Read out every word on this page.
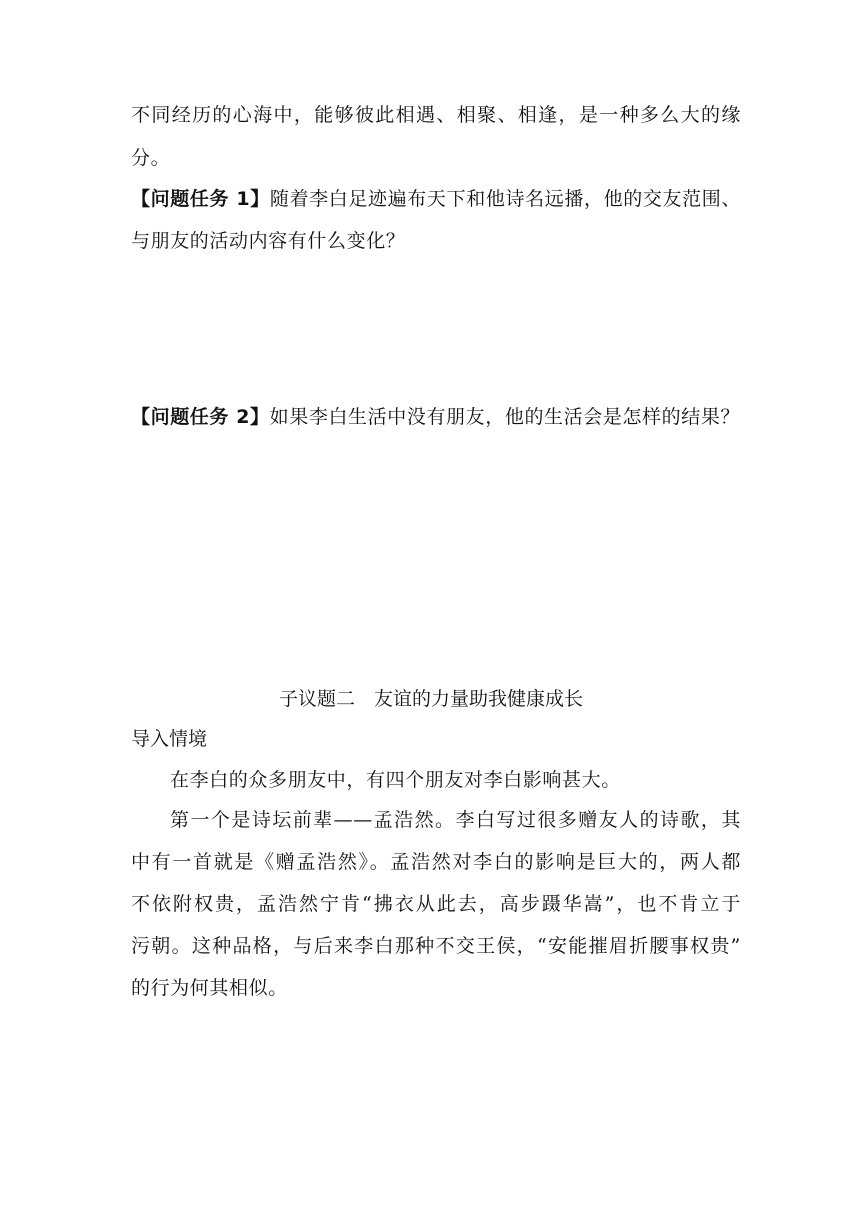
不同经历的心海中，能够彼此相遇、相聚、相逢，是一种多么大的缘
分。
【问题任务 1】随着李白足迹遍布天下和他诗名远播，他的交友范围、
与朋友的活动内容有什么变化？
【问题任务 2】如果李白生活中没有朋友，他的生活会是怎样的结果？
子议题二　友谊的力量助我健康成长
导入情境
在李白的众多朋友中，有四个朋友对李白影响甚大。
第一个是诗坛前辈——孟浩然。李白写过很多赠友人的诗歌，其
中有一首就是《赠孟浩然》。孟浩然对李白的影响是巨大的，两人都
不依附权贵，孟浩然宁肯“拂衣从此去，高步蹑华嵩”，也不肯立于
污朝。这种品格，与后来李白那种不交王侯，“安能摧眉折腰事权贵”
的行为何其相似。
